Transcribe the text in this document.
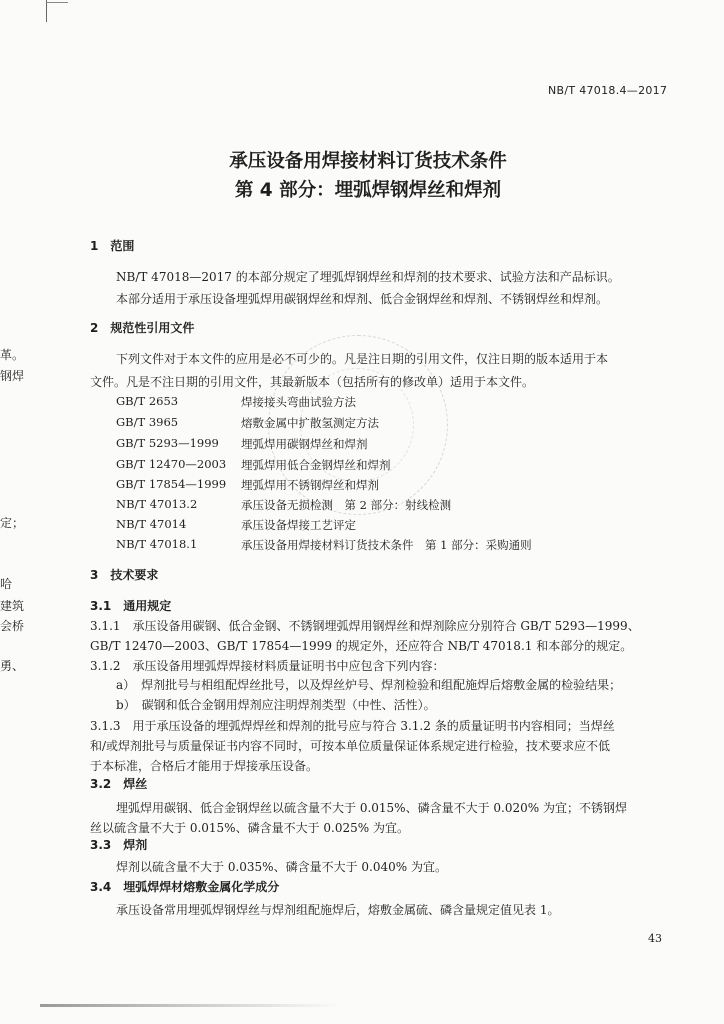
NB/T 47018.4—2017
承压设备用焊接材料订货技术条件
第 4 部分：埋弧焊钢焊丝和焊剂
革。
钢焊
定；
哈
建筑
会桥
勇、
1　范围
NB/T 47018—2017 的本部分规定了埋弧焊钢焊丝和焊剂的技术要求、试验方法和产品标识。
本部分适用于承压设备埋弧焊用碳钢焊丝和焊剂、低合金钢焊丝和焊剂、不锈钢焊丝和焊剂。
2　规范性引用文件
下列文件对于本文件的应用是必不可少的。凡是注日期的引用文件，仅注日期的版本适用于本
文件。凡是不注日期的引用文件，其最新版本（包括所有的修改单）适用于本文件。
GB/T 2653	焊接接头弯曲试验方法
GB/T 3965	熔敷金属中扩散氢测定方法
GB/T 5293—1999 埋弧焊用碳钢焊丝和焊剂
GB/T 12470—2003 埋弧焊用低合金钢焊丝和焊剂
GB/T 17854—1999 埋弧焊用不锈钢焊丝和焊剂
NB/T 47013.2	承压设备无损检测　第 2 部分：射线检测
NB/T 47014	承压设备焊接工艺评定
NB/T 47018.1	承压设备用焊接材料订货技术条件　第 1 部分：采购通则
3　技术要求
3.1　通用规定
3.1.1　承压设备用碳钢、低合金钢、不锈钢埋弧焊用钢焊丝和焊剂除应分别符合 GB/T 5293—1999、
GB/T 12470—2003、GB/T 17854—1999 的规定外，还应符合 NB/T 47018.1 和本部分的规定。
3.1.2　承压设备用埋弧焊焊接材料质量证明书中应包含下列内容：
a）　焊剂批号与相组配焊丝批号，以及焊丝炉号、焊剂检验和组配施焊后熔敷金属的检验结果；
b）　碳钢和低合金钢用焊剂应注明焊剂类型（中性、活性）。
3.1.3　用于承压设备的埋弧焊焊丝和焊剂的批号应与符合 3.1.2 条的质量证明书内容相同；当焊丝
和/或焊剂批号与质量保证书内容不同时，可按本单位质量保证体系规定进行检验，技术要求应不低
于本标准，合格后才能用于焊接承压设备。
3.2　焊丝
埋弧焊用碳钢、低合金钢焊丝以硫含量不大于 0.015%、磷含量不大于 0.020% 为宜；不锈钢焊
丝以硫含量不大于 0.015%、磷含量不大于 0.025% 为宜。
3.3　焊剂
焊剂以硫含量不大于 0.035%、磷含量不大于 0.040% 为宜。
3.4　埋弧焊焊材熔敷金属化学成分
承压设备常用埋弧焊钢焊丝与焊剂组配施焊后，熔敷金属硫、磷含量规定值见表 1。
43
